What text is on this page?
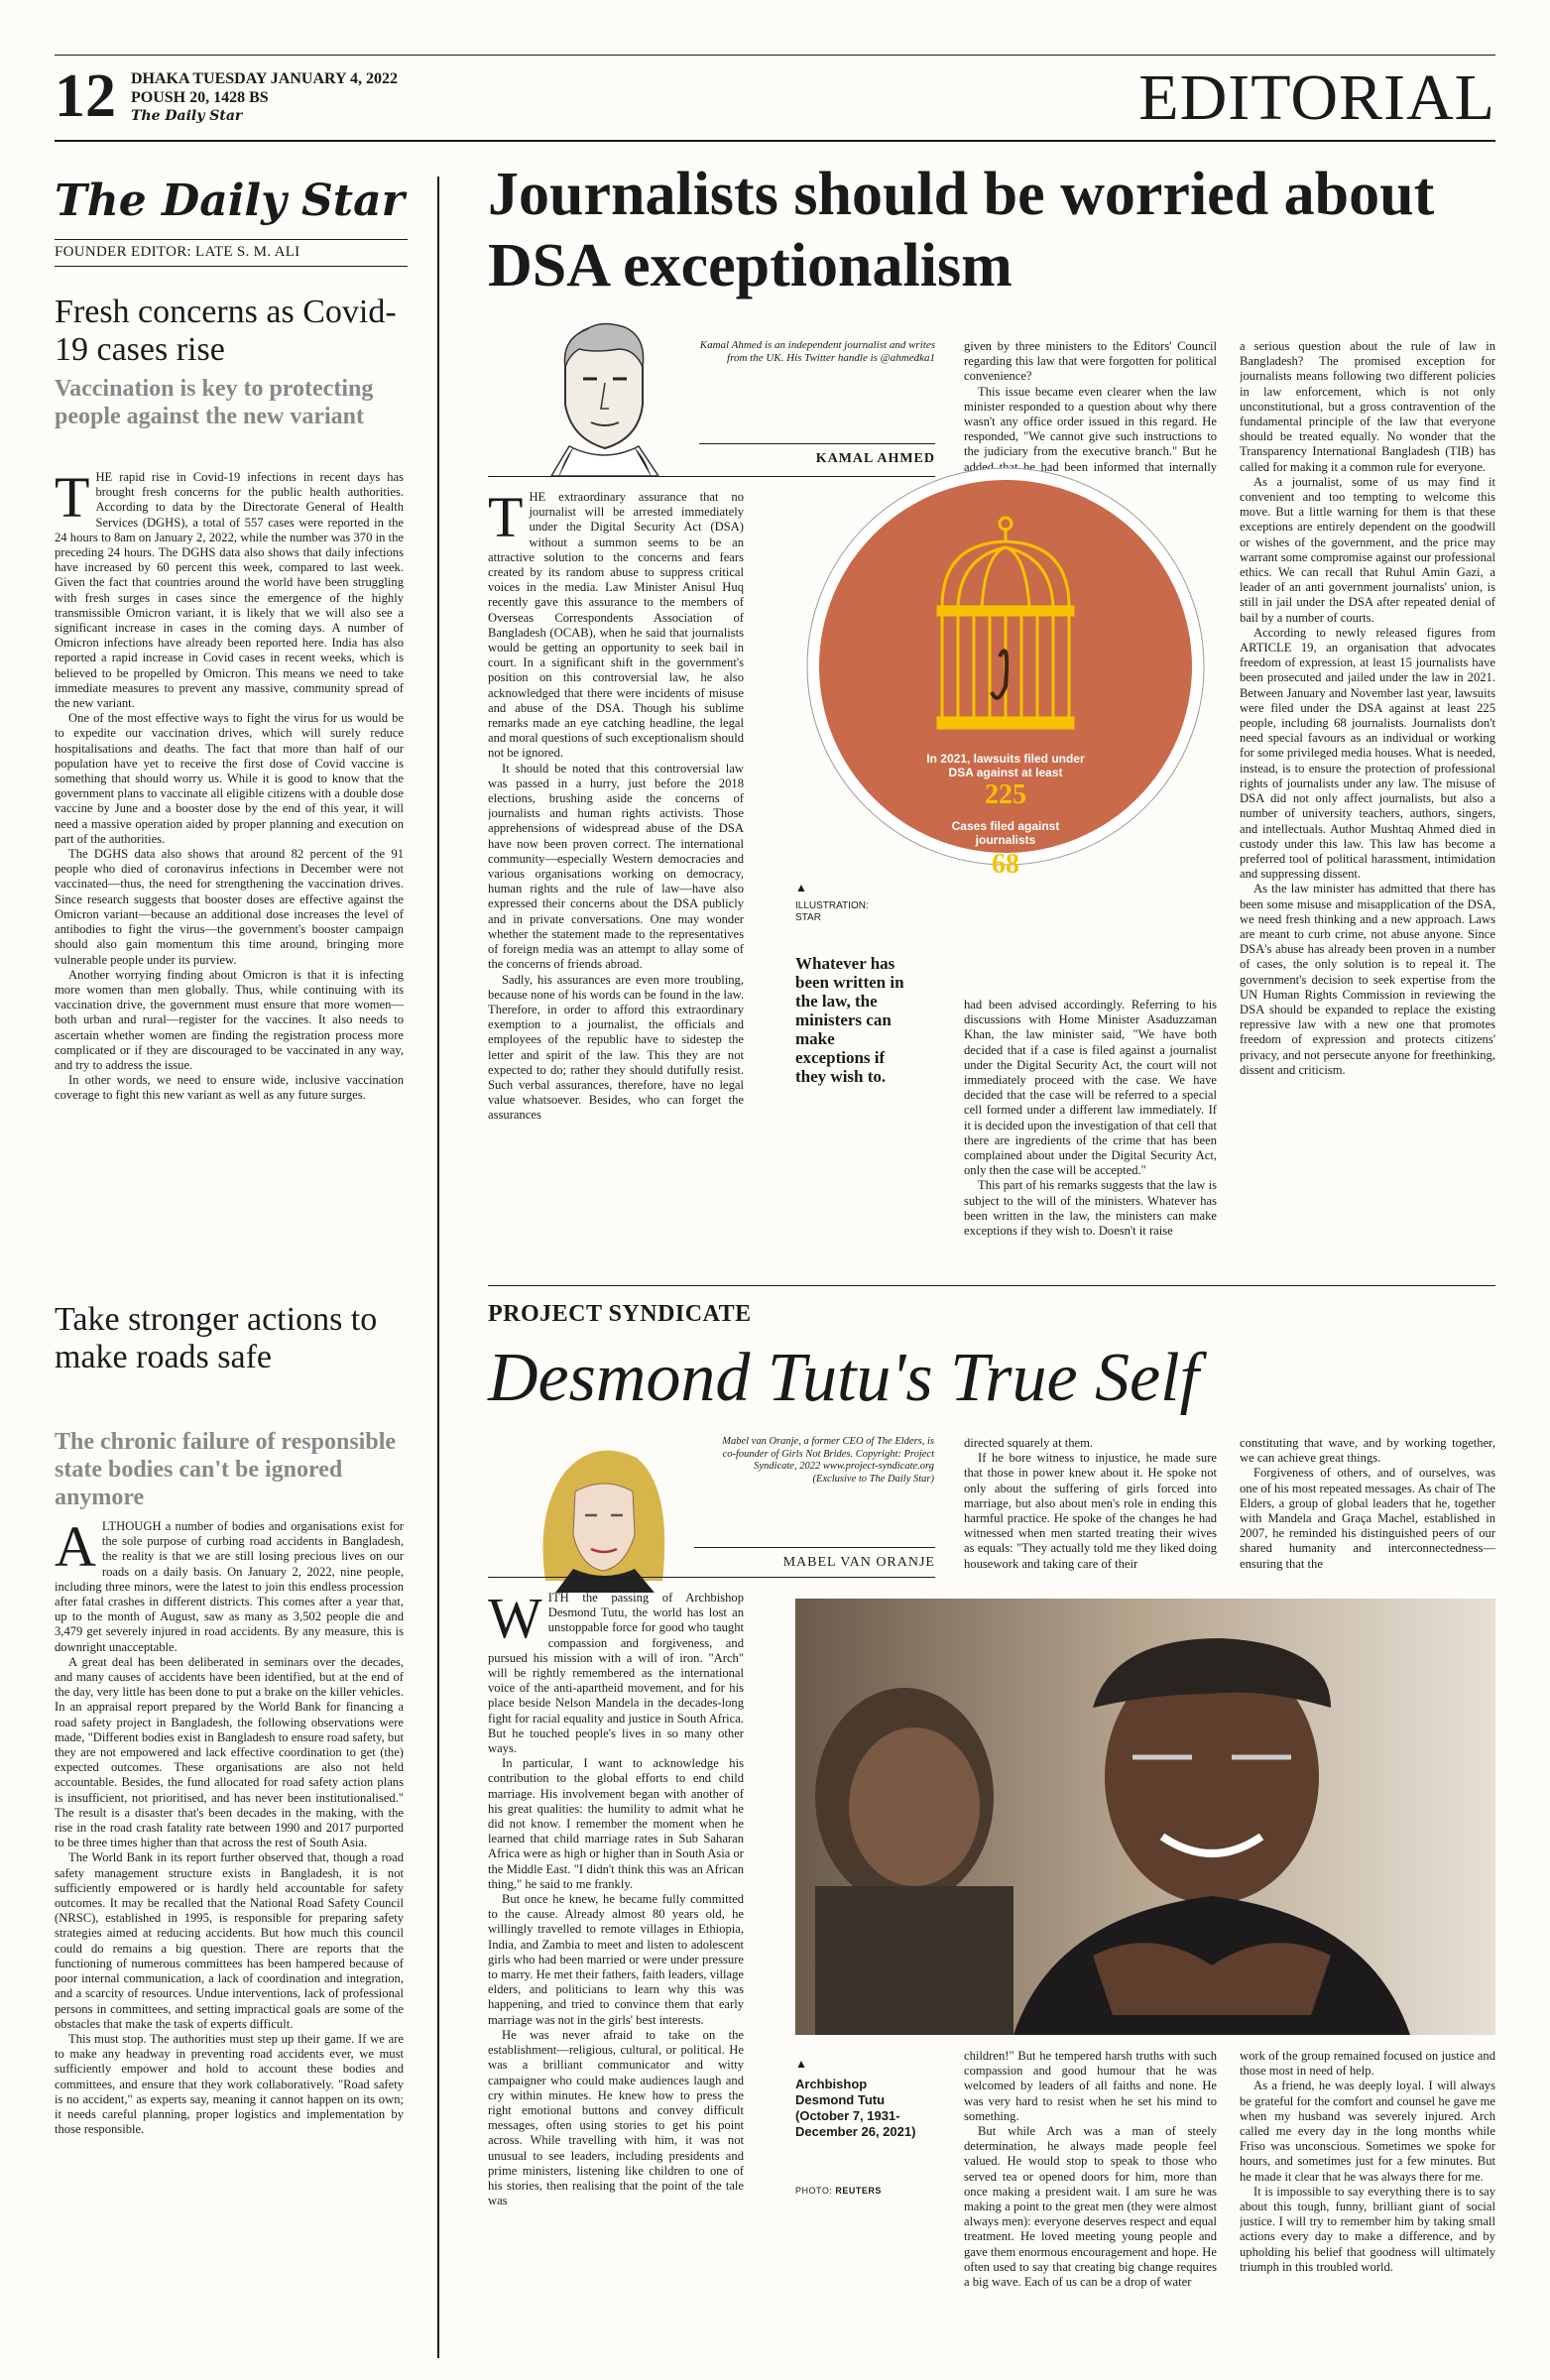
12 DHAKA TUESDAY JANUARY 4, 2022
POUSH 20, 1428 BS
The Daily Star	EDITORIAL
The Daily Star
FOUNDER EDITOR: LATE S. M. ALI
Fresh concerns as Covid-19 cases rise
Vaccination is key to protecting people against the new variant
T HE rapid rise in Covid-19 infections in recent days has brought fresh concerns for the public health authorities. According to data by the Directorate General of Health Services (DGHS), a total of 557 cases were reported in the 24 hours to 8am on January 2, 2022, while the number was 370 in the preceding 24 hours. The DGHS data also shows that daily infections have increased by 60 percent this week, compared to last week. Given the fact that countries around the world have been struggling with fresh surges in cases since the emergence of the highly transmissible Omicron variant, it is likely that we will also see a significant increase in cases in the coming days. A number of Omicron infections have already been reported here. India has also reported a rapid increase in Covid cases in recent weeks, which is believed to be propelled by Omicron. This means we need to take immediate measures to prevent any massive, community spread of the new variant.

One of the most effective ways to fight the virus for us would be to expedite our vaccination drives, which will surely reduce hospitalisations and deaths. The fact that more than half of our population have yet to receive the first dose of Covid vaccine is something that should worry us. While it is good to know that the government plans to vaccinate all eligible citizens with a double dose vaccine by June and a booster dose by the end of this year, it will need a massive operation aided by proper planning and execution on part of the authorities.

The DGHS data also shows that around 82 percent of the 91 people who died of coronavirus infections in December were not vaccinated—thus, the need for strengthening the vaccination drives. Since research suggests that booster doses are effective against the Omicron variant—because an additional dose increases the level of antibodies to fight the virus—the government's booster campaign should also gain momentum this time around, bringing more vulnerable people under its purview.

Another worrying finding about Omicron is that it is infecting more women than men globally. Thus, while continuing with its vaccination drive, the government must ensure that more women—both urban and rural—register for the vaccines. It also needs to ascertain whether women are finding the registration process more complicated or if they are discouraged to be vaccinated in any way, and try to address the issue.

In other words, we need to ensure wide, inclusive vaccination coverage to fight this new variant as well as any future surges.

Take stronger actions to make roads safe
The chronic failure of responsible state bodies can't be ignored anymore
A LTHOUGH a number of bodies and organisations exist for the sole purpose of curbing road accidents in Bangladesh, the reality is that we are still losing precious lives on our roads on a daily basis. On January 2, 2022, nine people, including three minors, were the latest to join this endless procession after fatal crashes in different districts. This comes after a year that, up to the month of August, saw as many as 3,502 people die and 3,479 get severely injured in road accidents. By any measure, this is downright unacceptable.

A great deal has been deliberated in seminars over the decades, and many causes of accidents have been identified, but at the end of the day, very little has been done to put a brake on the killer vehicles. In an appraisal report prepared by the World Bank for financing a road safety project in Bangladesh, the following observations were made, "Different bodies exist in Bangladesh to ensure road safety, but they are not empowered and lack effective coordination to get (the) expected outcomes. These organisations are also not held accountable. Besides, the fund allocated for road safety action plans is insufficient, not prioritised, and has never been institutionalised." The result is a disaster that's been decades in the making, with the rise in the road crash fatality rate between 1990 and 2017 purported to be three times higher than that across the rest of South Asia.

The World Bank in its report further observed that, though a road safety management structure exists in Bangladesh, it is not sufficiently empowered or is hardly held accountable for safety outcomes. It may be recalled that the National Road Safety Council (NRSC), established in 1995, is responsible for preparing safety strategies aimed at reducing accidents. But how much this council could do remains a big question. There are reports that the functioning of numerous committees has been hampered because of poor internal communication, a lack of coordination and integration, and a scarcity of resources. Undue interventions, lack of professional persons in committees, and setting impractical goals are some of the obstacles that make the task of experts difficult.

This must stop. The authorities must step up their game. If we are to make any headway in preventing road accidents ever, we must sufficiently empower and hold to account these bodies and committees, and ensure that they work collaboratively. "Road safety is no accident," as experts say, meaning it cannot happen on its own; it needs careful planning, proper logistics and implementation by those responsible.

Journalists should be worried about DSA exceptionalism
Kamal Ahmed is an independent journalist and writes from the UK. His Twitter handle is @ahmedka1
KAMAL AHMED
T HE extraordinary assurance that no journalist will be arrested immediately under the Digital Security Act (DSA) without a summon seems to be an attractive solution to the concerns and fears created by its random abuse to suppress critical voices in the media. Law Minister Anisul Huq recently gave this assurance to the members of Overseas Correspondents Association of Bangladesh (OCAB), when he said that journalists would be getting an opportunity to seek bail in court. In a significant shift in the government's position on this controversial law, he also acknowledged that there were incidents of misuse and abuse of the DSA. Though his sublime remarks made an eye catching headline, the legal and moral questions of such exceptionalism should not be ignored.

It should be noted that this controversial law was passed in a hurry, just before the 2018 elections, brushing aside the concerns of journalists and human rights activists. Those apprehensions of widespread abuse of the DSA have now been proven correct. The international community—especially Western democracies and various organisations working on democracy, human rights and the rule of law—have also expressed their concerns about the DSA publicly and in private conversations. One may wonder whether the statement made to the representatives of foreign media was an attempt to allay some of the concerns of friends abroad.

Sadly, his assurances are even more troubling, because none of his words can be found in the law. Therefore, in order to afford this extraordinary exemption to a journalist, the officials and employees of the republic have to sidestep the letter and spirit of the law. This they are not expected to do; rather they should dutifully resist. Such verbal assurances, therefore, have no legal value whatsoever. Besides, who can forget the assurances

given by three ministers to the Editors' Council regarding this law that were forgotten for political convenience?

This issue became even clearer when the law minister responded to a question about why there wasn't any office order issued in this regard. He responded, "We cannot give such instructions to the judiciary from the executive branch." But he added that he had been informed that internally

In 2021, lawsuits filed under DSA against at least
225
Cases filed against journalists
68
▲
ILLUSTRATION: STAR
Whatever has been written in the law, the ministers can make exceptions if they wish to.

had been advised accordingly. Referring to his discussions with Home Minister Asaduzzaman Khan, the law minister said, "We have both decided that if a case is filed against a journalist under the Digital Security Act, the court will not immediately proceed with the case. We have decided that the case will be referred to a special cell formed under a different law immediately. If it is decided upon the investigation of that cell that there are ingredients of the crime that has been complained about under the Digital Security Act, only then the case will be accepted."

This part of his remarks suggests that the law is subject to the will of the ministers. Whatever has been written in the law, the ministers can make exceptions if they wish to. Doesn't it raise

a serious question about the rule of law in Bangladesh? The promised exception for journalists means following two different policies in law enforcement, which is not only unconstitutional, but a gross contravention of the fundamental principle of the law that everyone should be treated equally. No wonder that the Transparency International Bangladesh (TIB) has called for making it a common rule for everyone.

As a journalist, some of us may find it convenient and too tempting to welcome this move. But a little warning for them is that these exceptions are entirely dependent on the goodwill or wishes of the government, and the price may warrant some compromise against our professional ethics. We can recall that Ruhul Amin Gazi, a leader of an anti government journalists' union, is still in jail under the DSA after repeated denial of bail by a number of courts.

According to newly released figures from ARTICLE 19, an organisation that advocates freedom of expression, at least 15 journalists have been prosecuted and jailed under the law in 2021. Between January and November last year, lawsuits were filed under the DSA against at least 225 people, including 68 journalists. Journalists don't need special favours as an individual or working for some privileged media houses. What is needed, instead, is to ensure the protection of professional rights of journalists under any law. The misuse of DSA did not only affect journalists, but also a number of university teachers, authors, singers, and intellectuals. Author Mushtaq Ahmed died in custody under this law. This law has become a preferred tool of political harassment, intimidation and suppressing dissent.

As the law minister has admitted that there has been some misuse and misapplication of the DSA, we need fresh thinking and a new approach. Laws are meant to curb crime, not abuse anyone. Since DSA's abuse has already been proven in a number of cases, the only solution is to repeal it. The government's decision to seek expertise from the UN Human Rights Commission in reviewing the DSA should be expanded to replace the existing repressive law with a new one that promotes freedom of expression and protects citizens' privacy, and not persecute anyone for freethinking, dissent and criticism.

PROJECT SYNDICATE
Desmond Tutu's True Self
Mabel van Oranje, a former CEO of The Elders, is co-founder of Girls Not Brides. Copyright: Project Syndicate, 2022 www.project-syndicate.org (Exclusive to The Daily Star)
MABEL VAN ORANJE
W ITH the passing of Archbishop Desmond Tutu, the world has lost an unstoppable force for good who taught compassion and forgiveness, and pursued his mission with a will of iron. "Arch" will be rightly remembered as the international voice of the anti-apartheid movement, and for his place beside Nelson Mandela in the decades-long fight for racial equality and justice in South Africa. But he touched people's lives in so many other ways.

In particular, I want to acknowledge his contribution to the global efforts to end child marriage. His involvement began with another of his great qualities: the humility to admit what he did not know. I remember the moment when he learned that child marriage rates in Sub Saharan Africa were as high or higher than in South Asia or the Middle East. "I didn't think this was an African thing," he said to me frankly.

But once he knew, he became fully committed to the cause. Already almost 80 years old, he willingly travelled to remote villages in Ethiopia, India, and Zambia to meet and listen to adolescent girls who had been married or were under pressure to marry. He met their fathers, faith leaders, village elders, and politicians to learn why this was happening, and tried to convince them that early marriage was not in the girls' best interests.

He was never afraid to take on the establishment—religious, cultural, or political. He was a brilliant communicator and witty campaigner who could make audiences laugh and cry within minutes. He knew how to press the right emotional buttons and convey difficult messages, often using stories to get his point across. While travelling with him, it was not unusual to see leaders, including presidents and prime ministers, listening like children to one of his stories, then realising that the point of the tale was

directed squarely at them.

If he bore witness to injustice, he made sure that those in power knew about it. He spoke not only about the suffering of girls forced into marriage, but also about men's role in ending this harmful practice. He spoke of the changes he had witnessed when men started treating their wives as equals: "They actually told me they liked doing housework and taking care of their

constituting that wave, and by working together, we can achieve great things.

Forgiveness of others, and of ourselves, was one of his most repeated messages. As chair of The Elders, a group of global leaders that he, together with Mandela and Graça Machel, established in 2007, he reminded his distinguished peers of our shared humanity and interconnectedness—ensuring that the

▲
Archbishop Desmond Tutu (October 7, 1931-December 26, 2021)
PHOTO: REUTERS

children!" But he tempered harsh truths with such compassion and good humour that he was welcomed by leaders of all faiths and none. He was very hard to resist when he set his mind to something.

But while Arch was a man of steely determination, he always made people feel valued. He would stop to speak to those who served tea or opened doors for him, more than once making a president wait. I am sure he was making a point to the great men (they were almost always men): everyone deserves respect and equal treatment. He loved meeting young people and gave them enormous encouragement and hope. He often used to say that creating big change requires a big wave. Each of us can be a drop of water

work of the group remained focused on justice and those most in need of help.

As a friend, he was deeply loyal. I will always be grateful for the comfort and counsel he gave me when my husband was severely injured. Arch called me every day in the long months while Friso was unconscious. Sometimes we spoke for hours, and sometimes just for a few minutes. But he made it clear that he was always there for me.

It is impossible to say everything there is to say about this tough, funny, brilliant giant of social justice. I will try to remember him by taking small actions every day to make a difference, and by upholding his belief that goodness will ultimately triumph in this troubled world.
